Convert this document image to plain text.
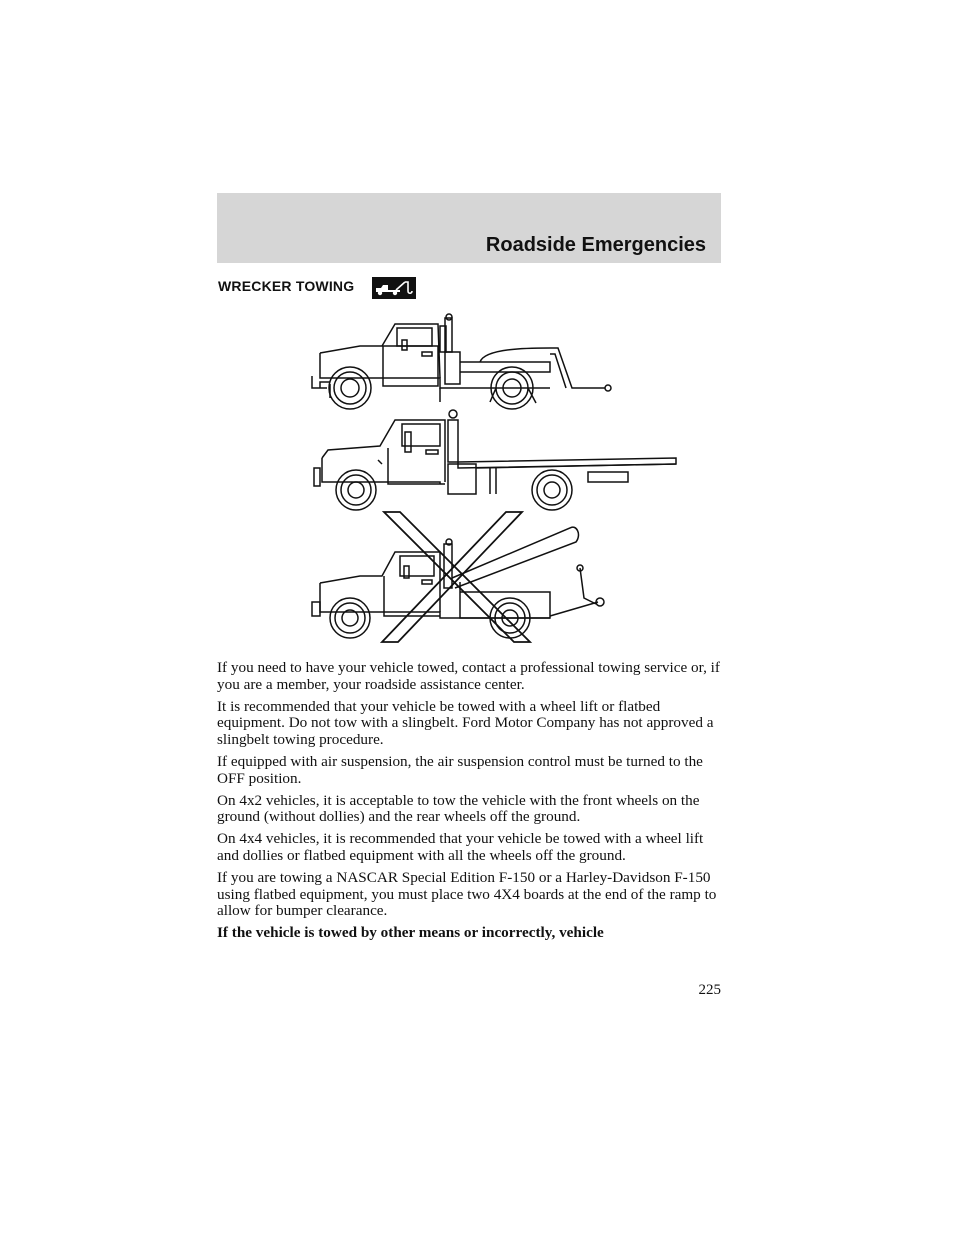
Roadside Emergencies
WRECKER TOWING

If you need to have your vehicle towed, contact a professional towing service or, if you are a member, your roadside assistance center.

It is recommended that your vehicle be towed with a wheel lift or flatbed equipment. Do not tow with a slingbelt. Ford Motor Company has not approved a slingbelt towing procedure.

If equipped with air suspension, the air suspension control must be turned to the OFF position.

On 4x2 vehicles, it is acceptable to tow the vehicle with the front wheels on the ground (without dollies) and the rear wheels off the ground.

On 4x4 vehicles, it is recommended that your vehicle be towed with a wheel lift and dollies or flatbed equipment with all the wheels off the ground.

If you are towing a NASCAR Special Edition F-150 or a Harley-Davidson F-150 using flatbed equipment, you must place two 4X4 boards at the end of the ramp to allow for bumper clearance.

If the vehicle is towed by other means or incorrectly, vehicle

225
